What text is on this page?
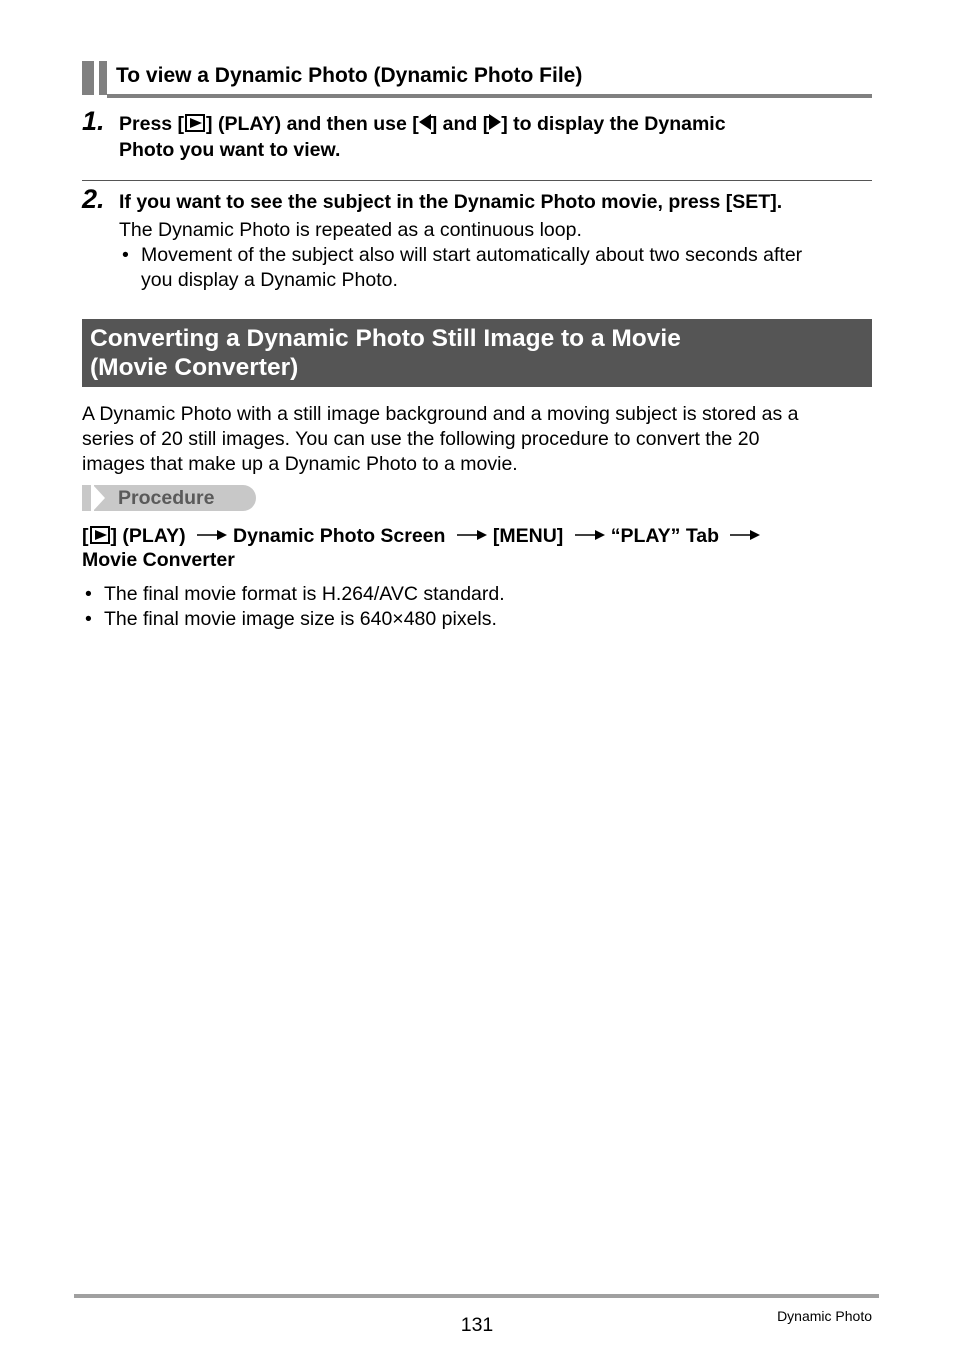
To view a Dynamic Photo (Dynamic Photo File)
1. Press [ ] (PLAY) and then use [ ] and [ ] to display the Dynamic
Photo you want to view.
2. If you want to see the subject in the Dynamic Photo movie, press [SET].
The Dynamic Photo is repeated as a continuous loop.
• Movement of the subject also will start automatically about two seconds after
you display a Dynamic Photo.
Converting a Dynamic Photo Still Image to a Movie
(Movie Converter)
A Dynamic Photo with a still image background and a moving subject is stored as a
series of 20 still images. You can use the following procedure to convert the 20
images that make up a Dynamic Photo to a movie.
Procedure
[ ] (PLAY) Dynamic Photo Screen [MENU] “PLAY” Tab
Movie Converter
• The final movie format is H.264/AVC standard.
• The final movie image size is 640×480 pixels.
131	Dynamic Photo
